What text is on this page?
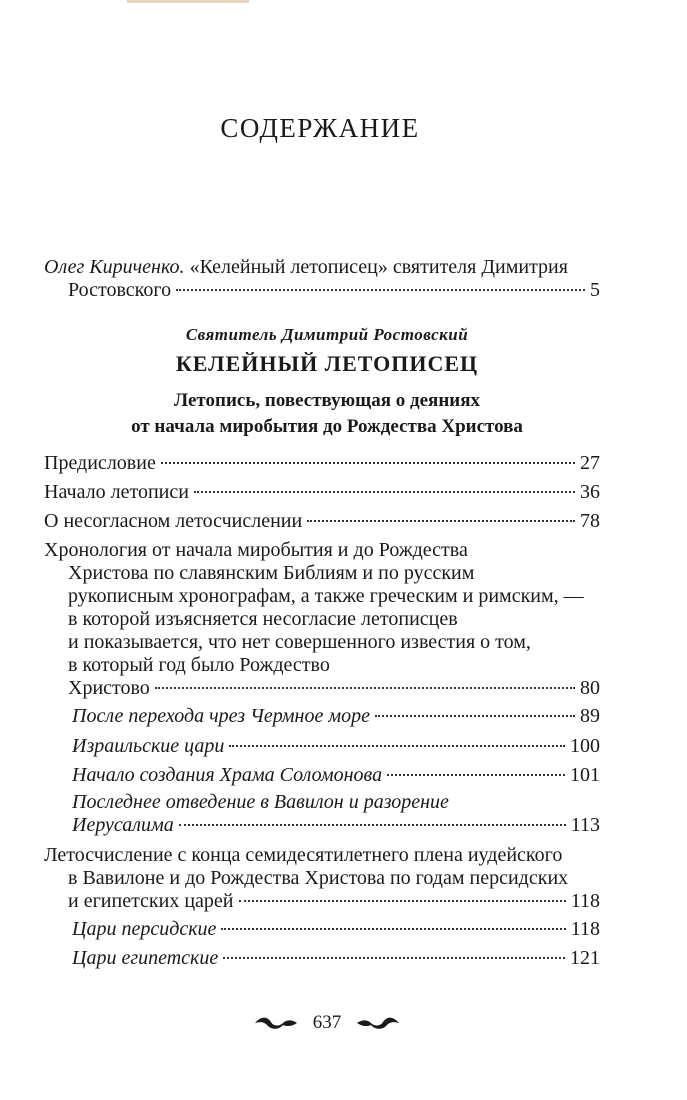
СОДЕРЖАНИЕ
Олег Кириченко. «Келейный летописец» святителя Димитрия
Ростовского	5
Святитель Димитрий Ростовский
КЕЛЕЙНЫЙ ЛЕТОПИСЕЦ
Летопись, повествующая о деяниях
от начала миробытия до Рождества Христова
Предисловие	27
Начало летописи	36
О несогласном летосчислении	78
Хронология от начала миробытия и до Рождества
Христова по славянским Библиям и по русским
рукописным хронографам, а также греческим и римским, —
в которой изъясняется несогласие летописцев
и показывается, что нет совершенного известия о том,
в который год было Рождество
Христово	80
После перехода чрез Чермное море	89
Израильские цари	100
Начало создания Храма Соломонова	101
Последнее отведение в Вавилон и разорение
Иерусалима	113
Летосчисление с конца семидесятилетнего плена иудейского
в Вавилоне и до Рождества Христова по годам персидских
и египетских царей	118
Цари персидские	118
Цари египетские	121
637
